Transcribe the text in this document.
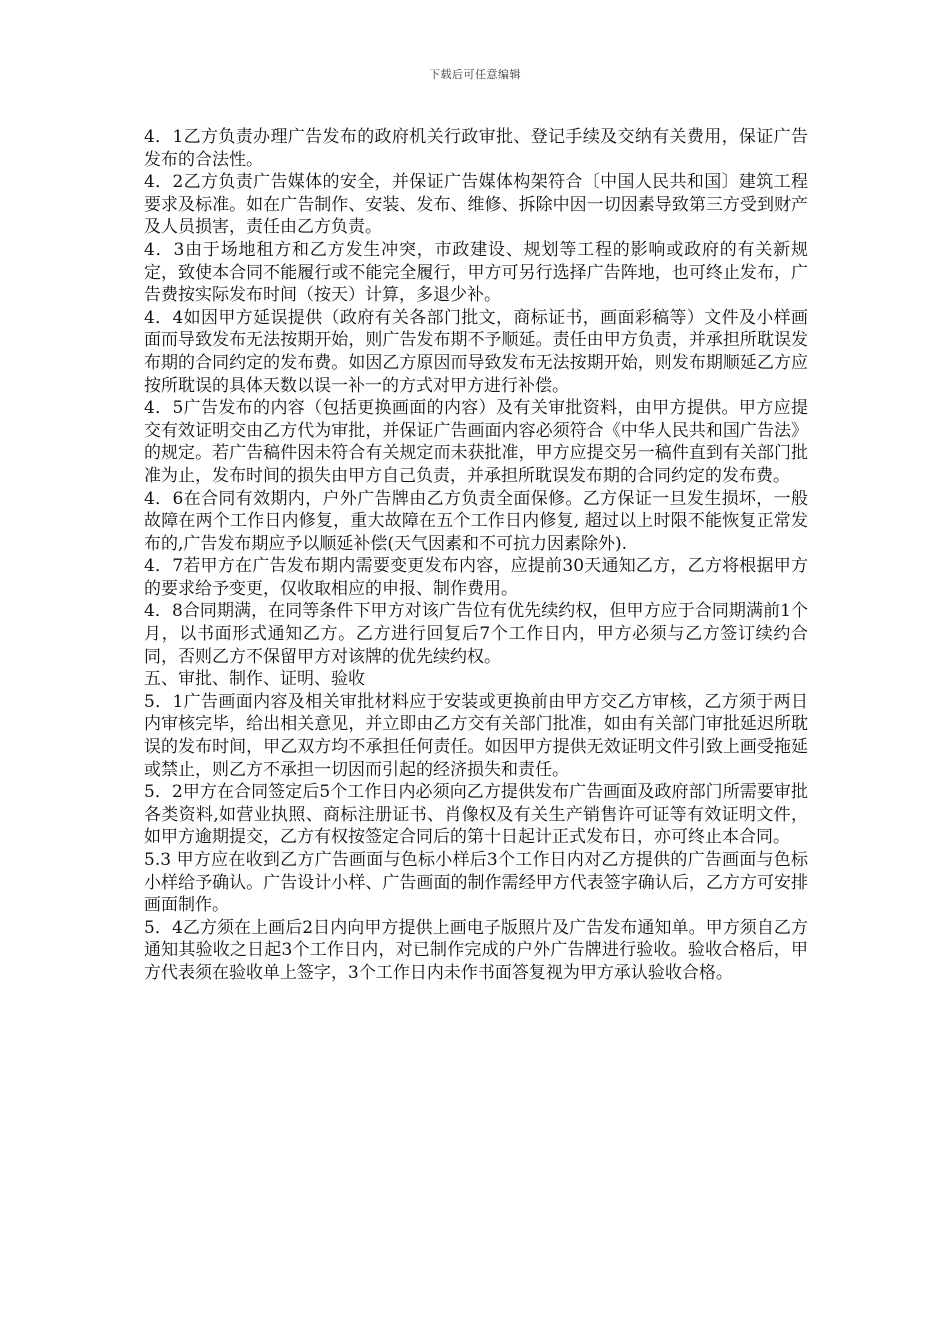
下载后可任意编辑

4．1乙方负责办理广告发布的政府机关行政审批、登记手续及交纳有关费用，保证广告发布的合法性。

4．2乙方负责广告媒体的安全，并保证广告媒体构架符合〔中国人民共和国〕建筑工程要求及标准。如在广告制作、安装、发布、维修、拆除中因一切因素导致第三方受到财产及人员损害，责任由乙方负责。

4．3由于场地租方和乙方发生冲突，市政建设、规划等工程的影响或政府的有关新规定，致使本合同不能履行或不能完全履行，甲方可另行选择广告阵地，也可终止发布，广告费按实际发布时间（按天）计算，多退少补。

4．4如因甲方延误提供（政府有关各部门批文，商标证书，画面彩稿等）文件及小样画面而导致发布无法按期开始，则广告发布期不予顺延。责任由甲方负责，并承担所耽误发布期的合同约定的发布费。如因乙方原因而导致发布无法按期开始，则发布期顺延乙方应按所耽误的具体天数以误一补一的方式对甲方进行补偿。

4．5广告发布的内容（包括更换画面的内容）及有关审批资料，由甲方提供。甲方应提交有效证明交由乙方代为审批，并保证广告画面内容必须符合《中华人民共和国广告法》的规定。若广告稿件因未符合有关规定而未获批准，甲方应提交另一稿件直到有关部门批准为止，发布时间的损失由甲方自己负责，并承担所耽误发布期的合同约定的发布费。

4．6在合同有效期内，户外广告牌由乙方负责全面保修。乙方保证一旦发生损坏，一般故障在两个工作日内修复，重大故障在五个工作日内修复, 超过以上时限不能恢复正常发布的,广告发布期应予以顺延补偿(天气因素和不可抗力因素除外).

4．7若甲方在广告发布期内需要变更发布内容，应提前30天通知乙方，乙方将根据甲方的要求给予变更，仅收取相应的申报、制作费用。

4．8合同期满，在同等条件下甲方对该广告位有优先续约权，但甲方应于合同期满前1个月，以书面形式通知乙方。乙方进行回复后7个工作日内，甲方必须与乙方签订续约合同，否则乙方不保留甲方对该牌的优先续约权。

五、审批、制作、证明、验收

5．1广告画面内容及相关审批材料应于安装或更换前由甲方交乙方审核，乙方须于两日内审核完毕，给出相关意见，并立即由乙方交有关部门批准，如由有关部门审批延迟所耽误的发布时间，甲乙双方均不承担任何责任。如因甲方提供无效证明文件引致上画受拖延或禁止，则乙方不承担一切因而引起的经济损失和责任。

5．2甲方在合同签定后5个工作日内必须向乙方提供发布广告画面及政府部门所需要审批各类资料,如营业执照、商标注册证书、肖像权及有关生产销售许可证等有效证明文件，如甲方逾期提交，乙方有权按签定合同后的第十日起计正式发布日，亦可终止本合同。

5.3 甲方应在收到乙方广告画面与色标小样后3个工作日内对乙方提供的广告画面与色标小样给予确认。广告设计小样、广告画面的制作需经甲方代表签字确认后，乙方方可安排画面制作。

5．4乙方须在上画后2日内向甲方提供上画电子版照片及广告发布通知单。甲方须自乙方通知其验收之日起3个工作日内，对已制作完成的户外广告牌进行验收。验收合格后，甲方代表须在验收单上签字，3个工作日内未作书面答复视为甲方承认验收合格。
